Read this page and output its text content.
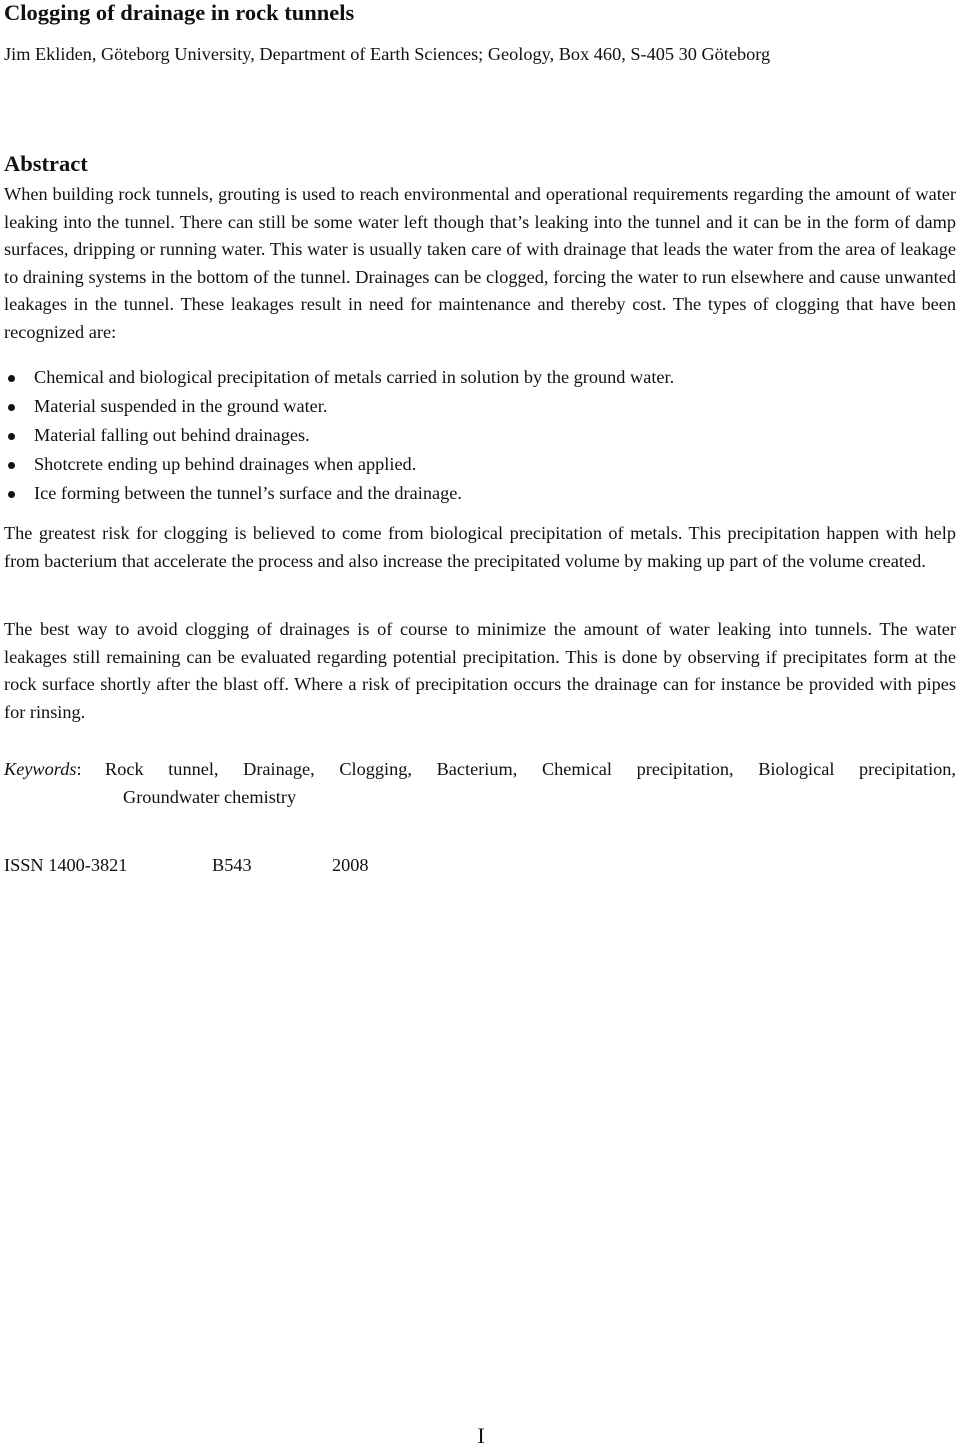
Clogging of drainage in rock tunnels
Jim Ekliden, Göteborg University, Department of Earth Sciences; Geology, Box 460, S-405 30 Göteborg
Abstract

When building rock tunnels, grouting is used to reach environmental and operational requirements regarding the amount of water leaking into the tunnel. There can still be some water left though that’s leaking into the tunnel and it can be in the form of damp surfaces, dripping or running water. This water is usually taken care of with drainage that leads the water from the area of leakage to draining systems in the bottom of the tunnel. Drainages can be clogged, forcing the water to run elsewhere and cause unwanted leakages in the tunnel. These leakages result in need for maintenance and thereby cost. The types of clogging that have been recognized are:

Chemical and biological precipitation of metals carried in solution by the ground water.
Material suspended in the ground water.
Material falling out behind drainages.
Shotcrete ending up behind drainages when applied.
Ice forming between the tunnel’s surface and the drainage.

The greatest risk for clogging is believed to come from biological precipitation of metals. This precipitation happen with help from bacterium that accelerate the process and also increase the precipitated volume by making up part of the volume created.

The best way to avoid clogging of drainages is of course to minimize the amount of water leaking into tunnels. The water leakages still remaining can be evaluated regarding potential precipitation. This is done by observing if precipitates form at the rock surface shortly after the blast off. Where a risk of precipitation occurs the drainage can for instance be provided with pipes for rinsing.

Keywords:	Rock tunnel, Drainage, Clogging, Bacterium, Chemical precipitation, Biological precipitation,
Groundwater chemistry
ISSN 1400-3821	B543	2008
I
